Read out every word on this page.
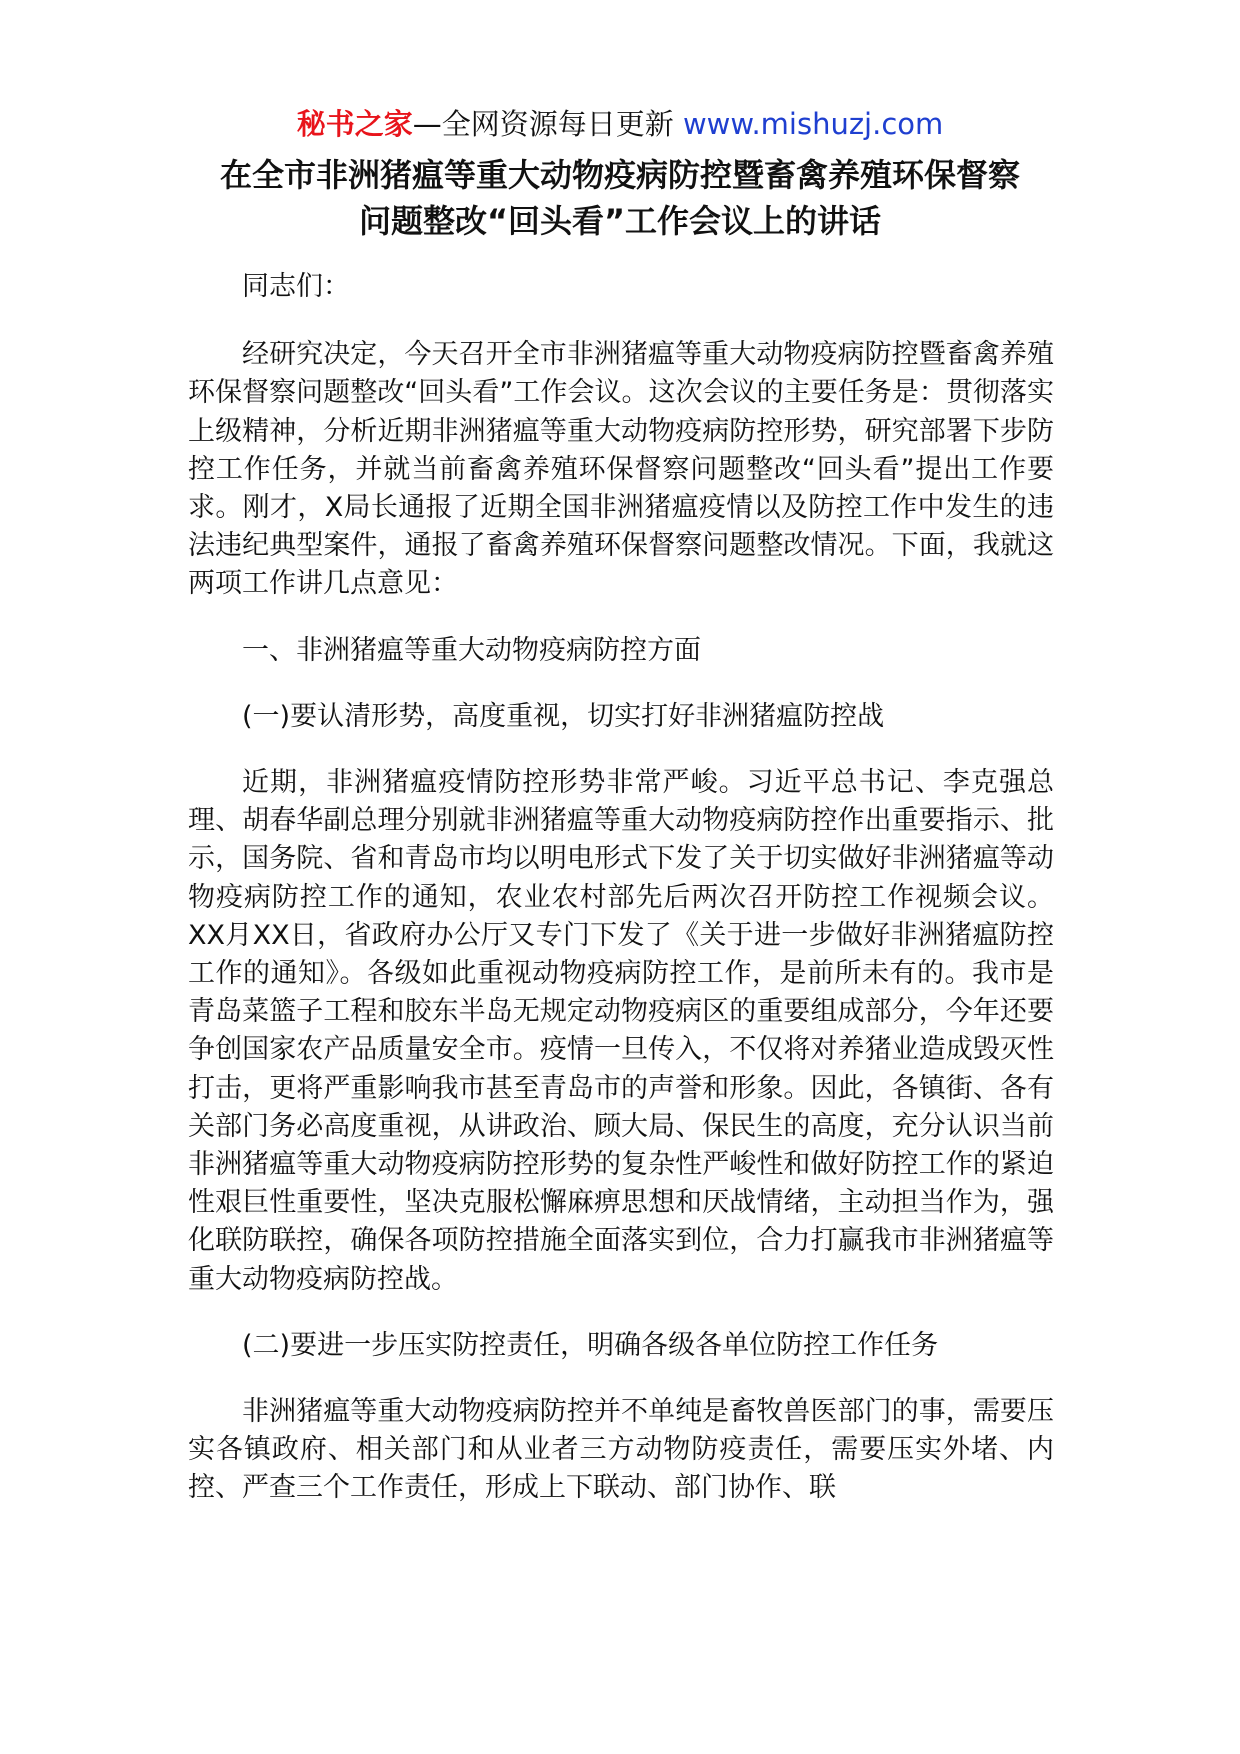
秘书之家—全网资源每日更新 www.mishuzj.com
在全市非洲猪瘟等重大动物疫病防控暨畜禽养殖环保督察
问题整改“回头看”工作会议上的讲话

同志们：

经研究决定，今天召开全市非洲猪瘟等重大动物疫病防控暨畜禽养殖环保督察问题整改“回头看”工作会议。这次会议的主要任务是：贯彻落实上级精神，分析近期非洲猪瘟等重大动物疫病防控形势，研究部署下步防控工作任务，并就当前畜禽养殖环保督察问题整改“回头看”提出工作要求。刚才，X局长通报了近期全国非洲猪瘟疫情以及防控工作中发生的违法违纪典型案件，通报了畜禽养殖环保督察问题整改情况。下面，我就这两项工作讲几点意见：

一、非洲猪瘟等重大动物疫病防控方面

(一)要认清形势，高度重视，切实打好非洲猪瘟防控战

近期，非洲猪瘟疫情防控形势非常严峻。习近平总书记、李克强总理、胡春华副总理分别就非洲猪瘟等重大动物疫病防控作出重要指示、批示，国务院、省和青岛市均以明电形式下发了关于切实做好非洲猪瘟等动物疫病防控工作的通知，农业农村部先后两次召开防控工作视频会议。XX月XX日，省政府办公厅又专门下发了《关于进一步做好非洲猪瘟防控工作的通知》。各级如此重视动物疫病防控工作，是前所未有的。我市是青岛菜篮子工程和胶东半岛无规定动物疫病区的重要组成部分，今年还要争创国家农产品质量安全市。疫情一旦传入，不仅将对养猪业造成毁灭性打击，更将严重影响我市甚至青岛市的声誉和形象。因此，各镇街、各有关部门务必高度重视，从讲政治、顾大局、保民生的高度，充分认识当前非洲猪瘟等重大动物疫病防控形势的复杂性严峻性和做好防控工作的紧迫性艰巨性重要性，坚决克服松懈麻痹思想和厌战情绪，主动担当作为，强化联防联控，确保各项防控措施全面落实到位，合力打赢我市非洲猪瘟等重大动物疫病防控战。

(二)要进一步压实防控责任，明确各级各单位防控工作任务

非洲猪瘟等重大动物疫病防控并不单纯是畜牧兽医部门的事，需要压实各镇政府、相关部门和从业者三方动物防疫责任，需要压实外堵、内控、严查三个工作责任，形成上下联动、部门协作、联
